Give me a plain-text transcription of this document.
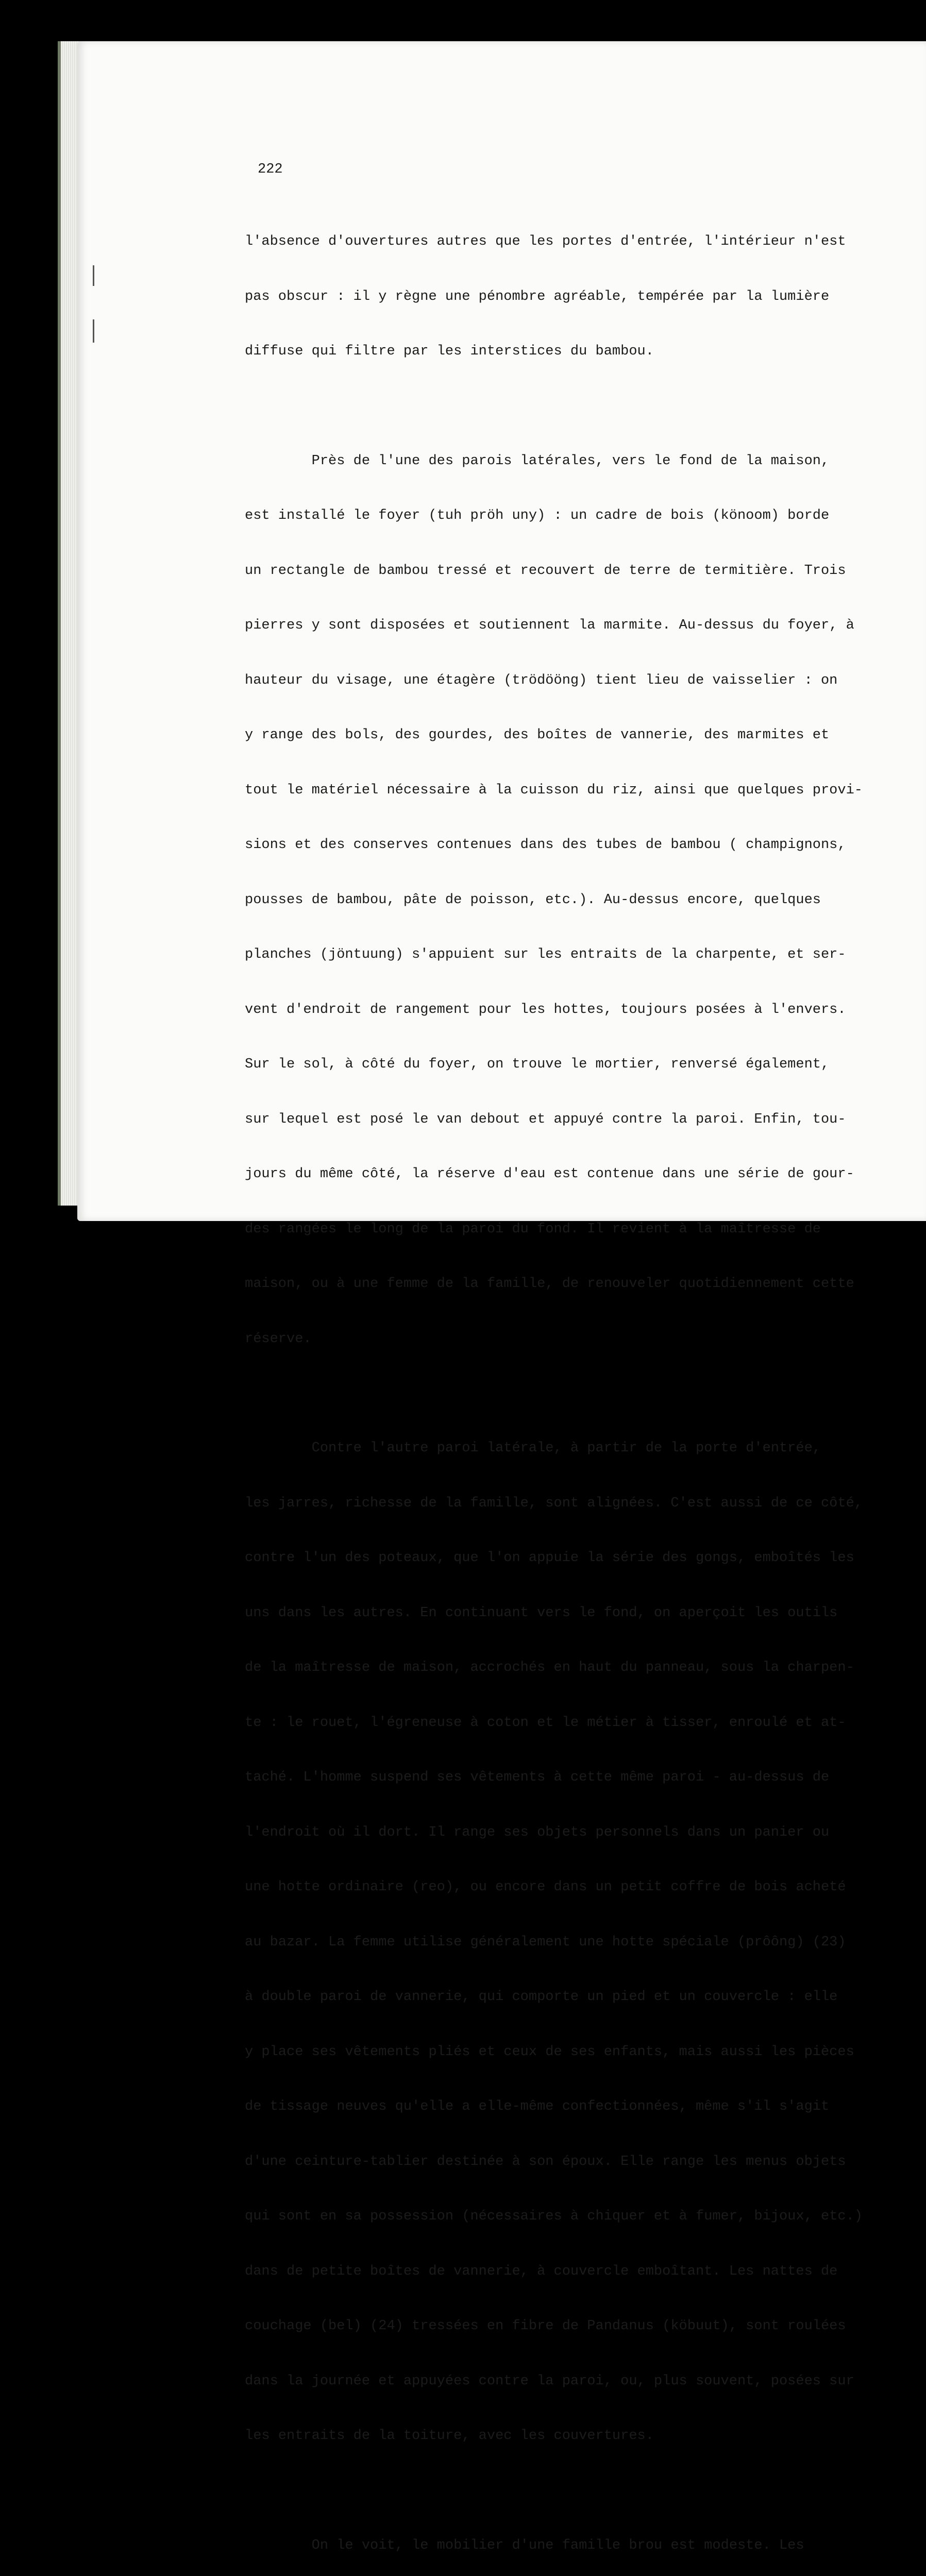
222

l'absence d'ouvertures autres que les portes d'entrée, l'intérieur n'est

pas obscur : il y règne une pénombre agréable, tempérée par la lumière

diffuse qui filtre par les interstices du bambou.

Près de l'une des parois latérales, vers le fond de la maison,

est installé le foyer (tuh pröh uny) : un cadre de bois (könoom) borde

un rectangle de bambou tressé et recouvert de terre de termitière. Trois

pierres y sont disposées et soutiennent la marmite. Au-dessus du foyer, à

hauteur du visage, une étagère (trödööng) tient lieu de vaisselier : on

y range des bols, des gourdes, des boîtes de vannerie, des marmites et

tout le matériel nécessaire à la cuisson du riz, ainsi que quelques provi-

sions et des conserves contenues dans des tubes de bambou ( champignons,

pousses de bambou, pâte de poisson, etc.). Au-dessus encore, quelques

planches (jöntuung) s'appuient sur les entraits de la charpente, et ser-

vent d'endroit de rangement pour les hottes, toujours posées à l'envers.

Sur le sol, à côté du foyer, on trouve le mortier, renversé également,

sur lequel est posé le van debout et appuyé contre la paroi. Enfin, tou-

jours du même côté, la réserve d'eau est contenue dans une série de gour-

des rangées le long de la paroi du fond. Il revient à la maîtresse de

maison, ou à une femme de la famille, de renouveler quotidiennement cette

réserve.

Contre l'autre paroi latérale, à partir de la porte d'entrée,

les jarres, richesse de la famille, sont alignées. C'est aussi de ce côté,

contre l'un des poteaux, que l'on appuie la série des gongs, emboîtés les

uns dans les autres. En continuant vers le fond, on aperçoit les outils

de la maîtresse de maison, accrochés en haut du panneau, sous la charpen-

te : le rouet, l'égreneuse à coton et le métier à tisser, enroulé et at-

taché. L'homme suspend ses vêtements à cette même paroi - au-dessus de

l'endroit où il dort. Il range ses objets personnels dans un panier ou

une hotte ordinaire (reo), ou encore dans un petit coffre de bois acheté

au bazar. La femme utilise généralement une hotte spéciale (prôông) (23)

à double paroi de vannerie, qui comporte un pied et un couvercle : elle

y place ses vêtements pliés et ceux de ses enfants, mais aussi les pièces

de tissage neuves qu'elle a elle-même confectionnées, même s'il s'agit

d'une ceinture-tablier destinée à son époux. Elle range les menus objets

qui sont en sa possession (nécessaires à chiquer et à fumer, bijoux, etc.)

dans de petite boîtes de vannerie, à couvercle emboîtant. Les nattes de

couchage (bel) (24) tressées en fibre de Pandanus (köbuut), sont roulées

dans la journée et appuyées contre la paroi, ou, plus souvent, posées sur

les entraits de la toiture, avec les couvertures.

On le voit, le mobilier d'une famille brou est modeste. Les
